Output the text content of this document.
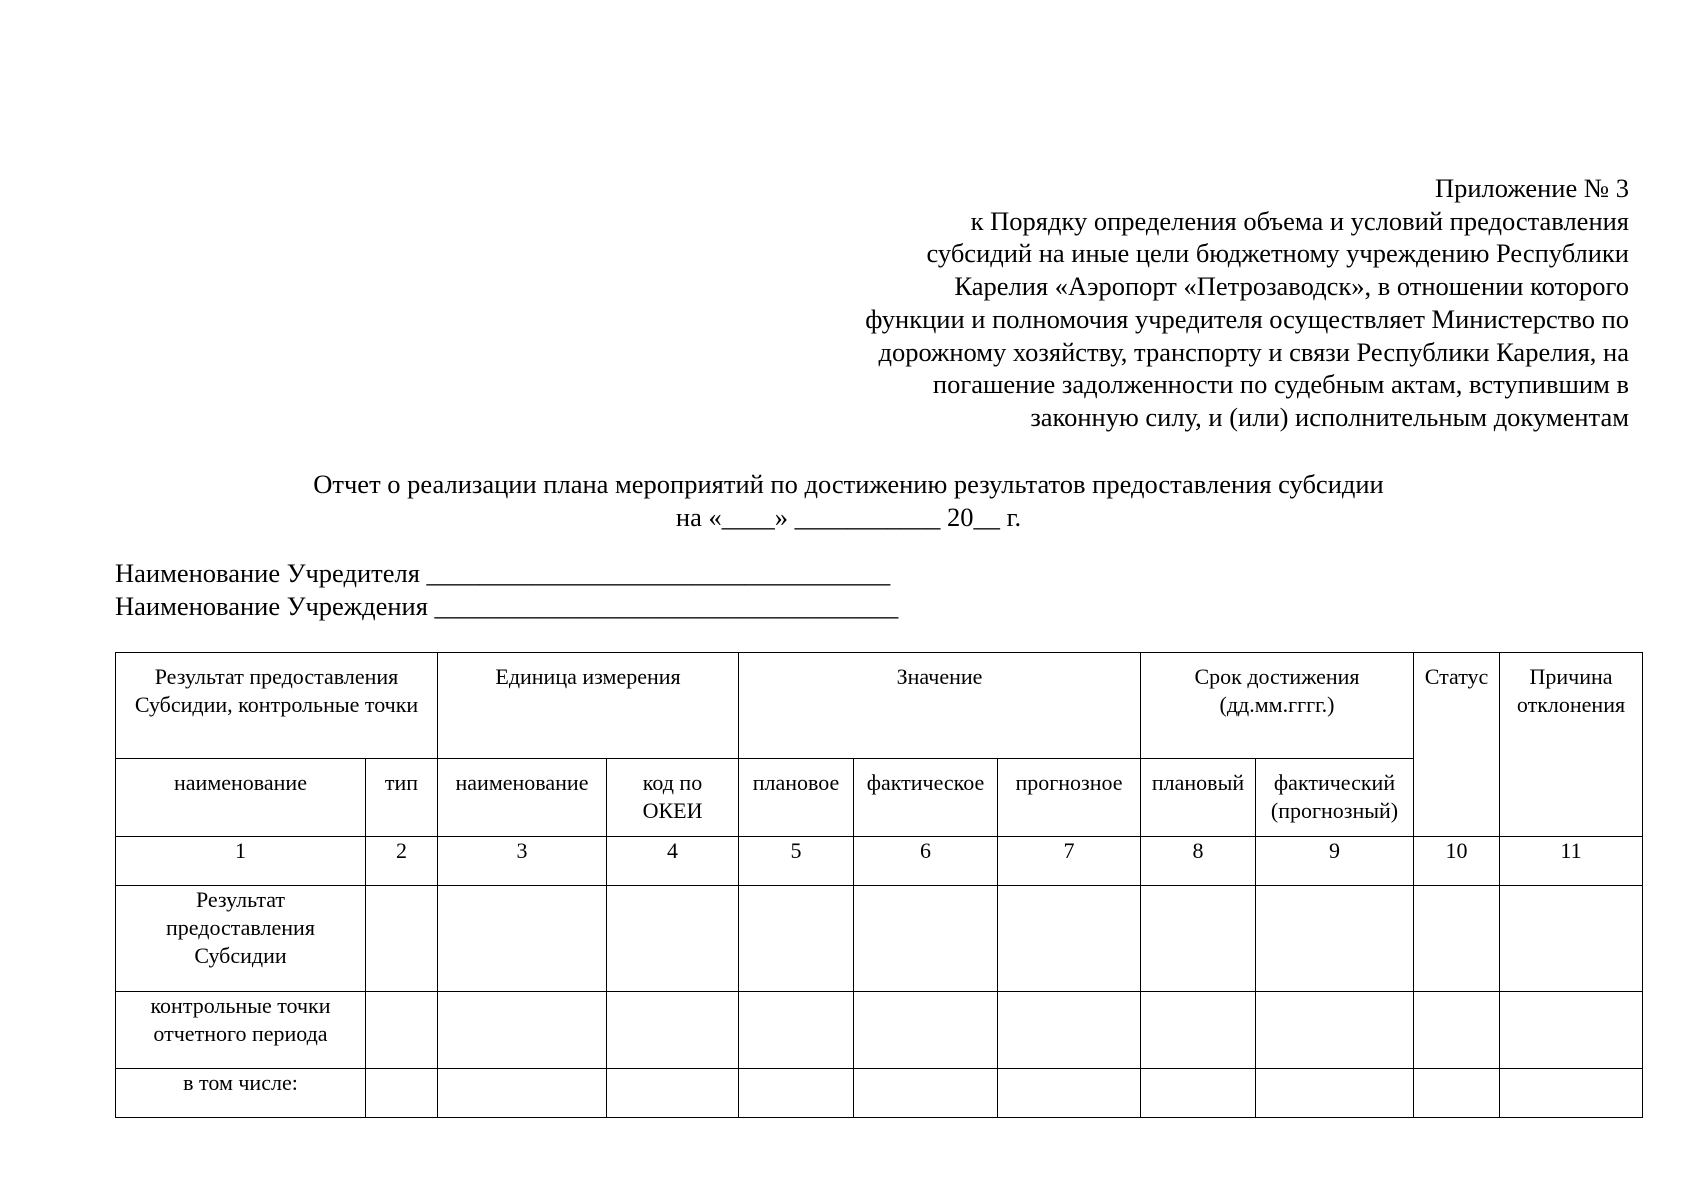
Приложение № 3
к Порядку определения объема и условий предоставления
субсидий на иные цели бюджетному учреждению Республики
Карелия «Аэропорт «Петрозаводск», в отношении которого
функции и полномочия учредителя осуществляет Министерство по
дорожному хозяйству, транспорту и связи Республики Карелия, на
погашение задолженности по судебным актам, вступившим в
законную силу, и (или) исполнительным документам
Отчет о реализации плана мероприятий по достижению результатов предоставления субсидии
на «____» ___________ 20__ г.
Наименование Учредителя ___________________________________
Наименование Учреждения ___________________________________
Результат предоставления Субсидии, контрольные точки		Единица измерения		Значение			Срок достижения (дд.мм.гггг.)		Статус	Причина отклонения
наименование	тип	наименование	код по ОКЕИ	плановое	фактическое	прогнозное	плановый	фактический (прогнозный)		
1	2	3	4	5	6	7	8	9	10	11
Результат предоставления Субсидии										
контрольные точки отчетного периода										
в том числе:										
